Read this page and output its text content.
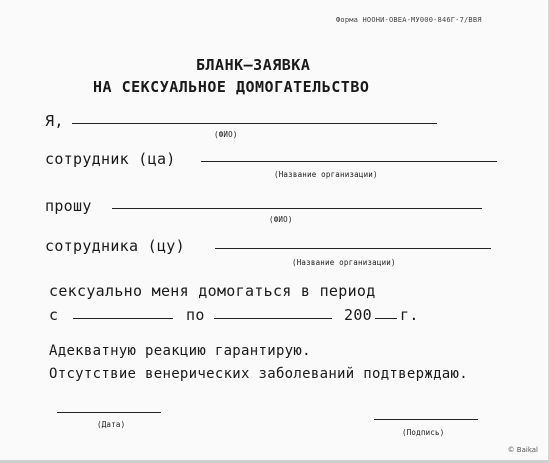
Форма НООНИ-ОВЕА-МУ000-846Г-7/ВВЯ
БЛАНК–ЗАЯВКА
НА СЕКСУАЛЬНОЕ ДОМОГАТЕЛЬСТВО
Я,
(ФИО)
сотрудник (ца)
(Название организации)
прошу
(ФИО)
сотрудника (цу)
(Название организации)
сексуально меня домогаться в период
с	по	200 г.
Адекватную реакцию гарантирую.
Отсутствие венерических заболеваний подтверждаю.
(Дата)
(Подпись)
© Вaikal
